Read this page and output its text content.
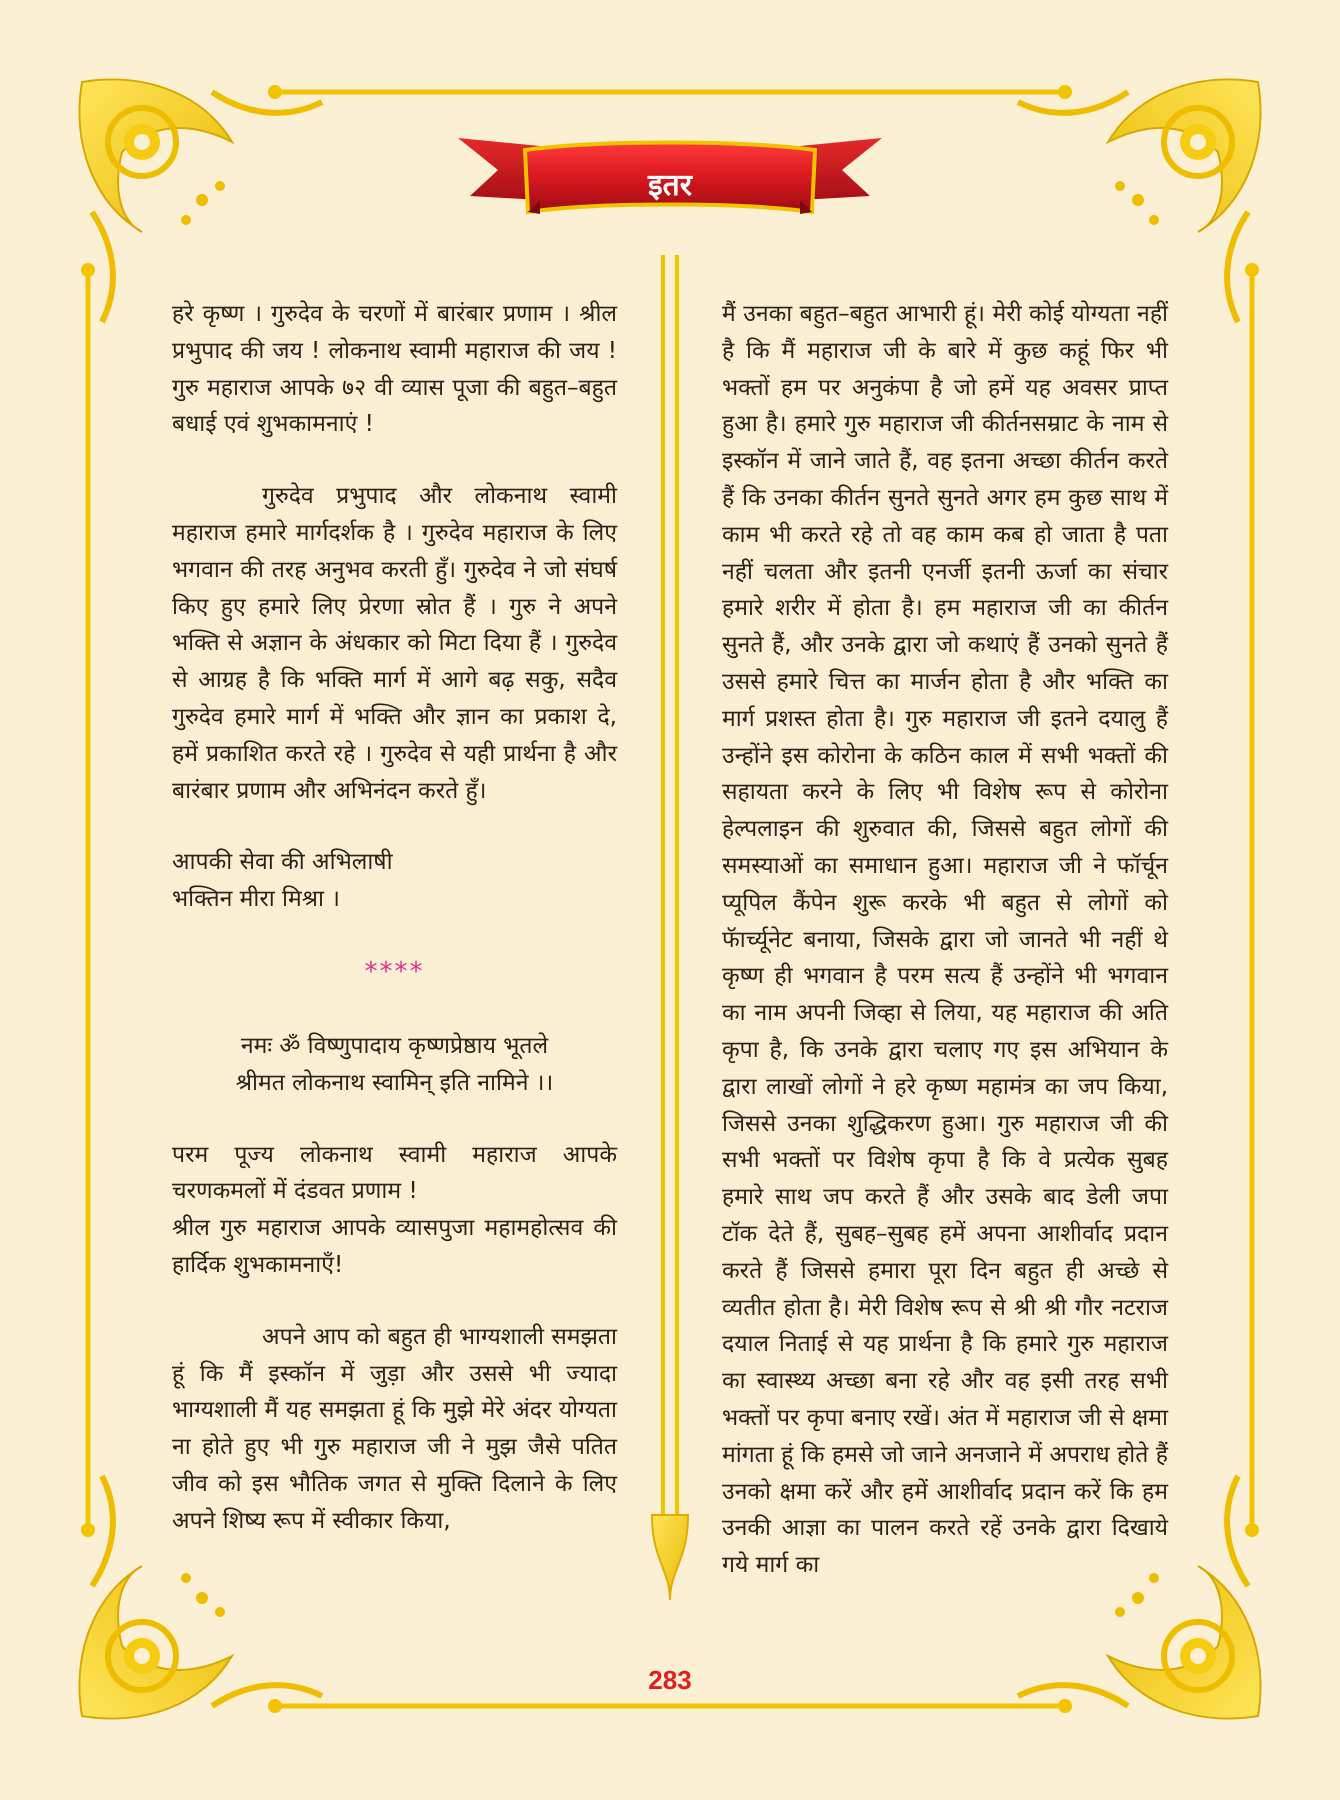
इतर

हरे कृष्ण । गुरुदेव के चरणों में बारंबार प्रणाम । श्रील प्रभुपाद की जय ! लोकनाथ स्वामी महाराज की जय ! गुरु महाराज आपके ७२ वी व्यास पूजा की बहुत–बहुत बधाई एवं शुभकामनाएं !

गुरुदेव प्रभुपाद और लोकनाथ स्वामी महाराज हमारे मार्गदर्शक है । गुरुदेव महाराज के लिए भगवान की तरह अनुभव करती हुँ। गुरुदेव ने जो संघर्ष किए हुए हमारे लिए प्रेरणा स्रोत हैं । गुरु ने अपने भक्ति से अज्ञान के अंधकार को मिटा दिया हैं । गुरुदेव से आग्रह है कि भक्ति मार्ग में आगे बढ़ सकु, सदैव गुरुदेव हमारे मार्ग में भक्ति और ज्ञान का प्रकाश दे, हमें प्रकाशित करते रहे । गुरुदेव से यही प्रार्थना है और बारंबार प्रणाम और अभिनंदन करते हुँ।

आपकी सेवा की अभिलाषी

भक्तिन मीरा मिश्रा ।

****

नमः ॐ विष्णुपादाय कृष्णप्रेष्ठाय भूतले

श्रीमत लोकनाथ स्वामिन् इति नामिने ।।

परम पूज्य लोकनाथ स्वामी महाराज आपके चरणकमलों में दंडवत प्रणाम !

श्रील गुरु महाराज आपके व्यासपुजा महामहोत्सव की हार्दिक शुभकामनाएँ!

अपने आप को बहुत ही भाग्यशाली समझता हूं कि मैं इस्कॉन में जुड़ा और उससे भी ज्यादा भाग्यशाली मैं यह समझता हूं कि मुझे मेरे अंदर योग्यता ना होते हुए भी गुरु महाराज जी ने मुझ जैसे पतित जीव को इस भौतिक जगत से मुक्ति दिलाने के लिए अपने शिष्य रूप में स्वीकार किया,

मैं उनका बहुत–बहुत आभारी हूं। मेरी कोई योग्यता नहीं है कि मैं महाराज जी के बारे में कुछ कहूं फिर भी भक्तों हम पर अनुकंपा है जो हमें यह अवसर प्राप्त हुआ है। हमारे गुरु महाराज जी कीर्तनसम्राट के नाम से इस्कॉन में जाने जाते हैं, वह इतना अच्छा कीर्तन करते हैं कि उनका कीर्तन सुनते सुनते अगर हम कुछ साथ में काम भी करते रहे तो वह काम कब हो जाता है पता नहीं चलता और इतनी एनर्जी इतनी ऊर्जा का संचार हमारे शरीर में होता है। हम महाराज जी का कीर्तन सुनते हैं, और उनके द्वारा जो कथाएं हैं उनको सुनते हैं उससे हमारे चित्त का मार्जन होता है और भक्ति का मार्ग प्रशस्त होता है। गुरु महाराज जी इतने दयालु हैं उन्होंने इस कोरोना के कठिन काल में सभी भक्तों की सहायता करने के लिए भी विशेष रूप से कोरोना हेल्पलाइन की शुरुवात की, जिससे बहुत लोगों की समस्याओं का समाधान हुआ। महाराज जी ने फॉर्चून प्यूपिल कैंपेन शुरू करके भी बहुत से लोगों को फॅार्च्यूनेट बनाया, जिसके द्वारा जो जानते भी नहीं थे कृष्ण ही भगवान है परम सत्य हैं उन्होंने भी भगवान का नाम अपनी जिव्हा से लिया, यह महाराज की अति कृपा है, कि उनके द्वारा चलाए गए इस अभियान के द्वारा लाखों लोगों ने हरे कृष्ण महामंत्र का जप किया, जिससे उनका शुद्धिकरण हुआ। गुरु महाराज जी की सभी भक्तों पर विशेष कृपा है कि वे प्रत्येक सुबह हमारे साथ जप करते हैं और उसके बाद डेली जपा टॉक देते हैं, सुबह–सुबह हमें अपना आशीर्वाद प्रदान करते हैं जिससे हमारा पूरा दिन बहुत ही अच्छे से व्यतीत होता है। मेरी विशेष रूप से श्री श्री गौर नटराज दयाल निताई से यह प्रार्थना है कि हमारे गुरु महाराज का स्वास्थ्य अच्छा बना रहे और वह इसी तरह सभी भक्तों पर कृपा बनाए रखें। अंत में महाराज जी से क्षमा मांगता हूं कि हमसे जो जाने अनजाने में अपराध होते हैं उनको क्षमा करें और हमें आशीर्वाद प्रदान करें कि हम उनकी आज्ञा का पालन करते रहें उनके द्वारा दिखाये गये मार्ग का

283
